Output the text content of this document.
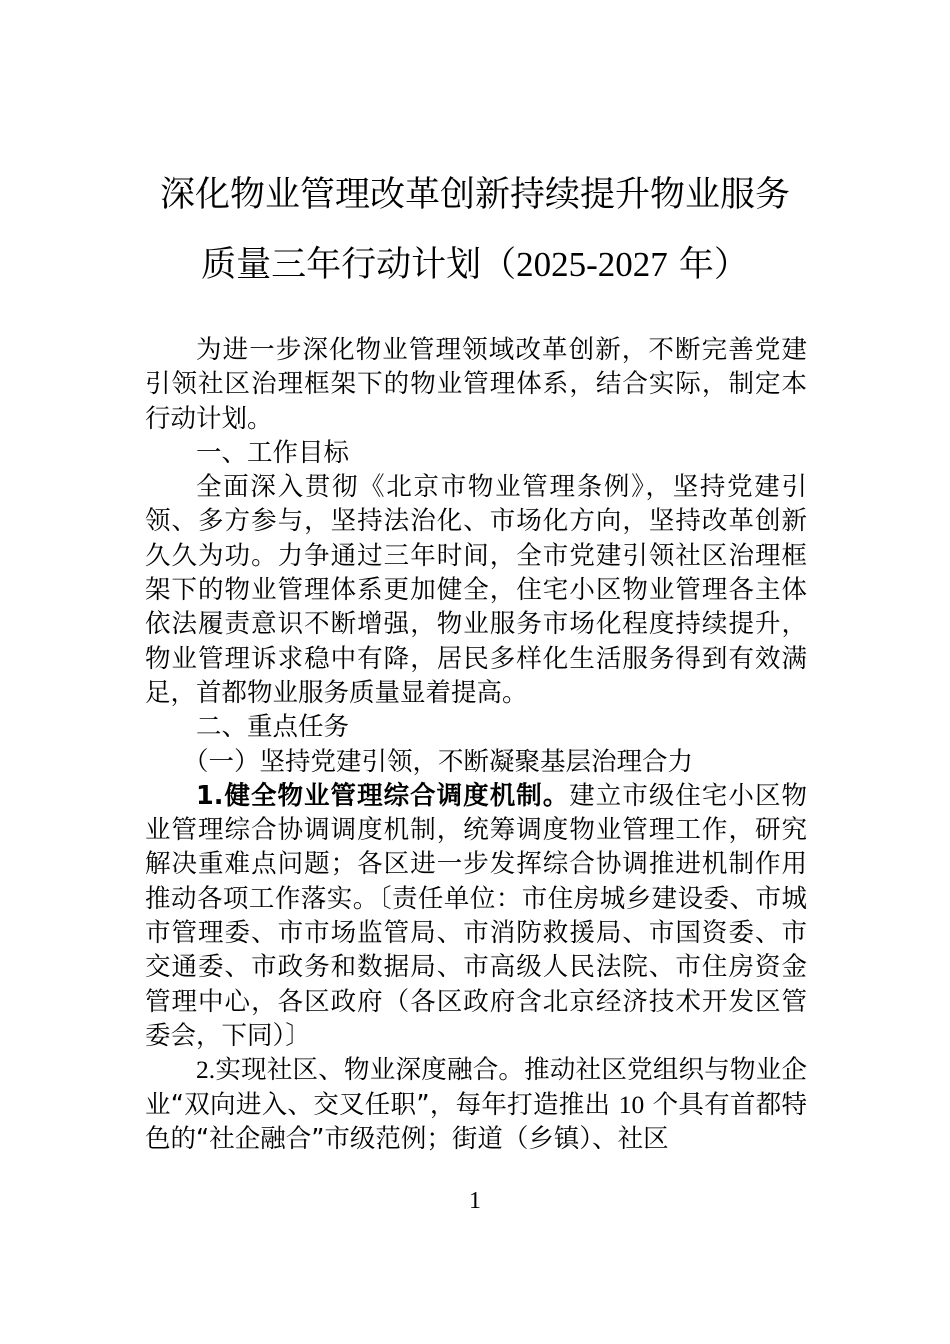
深化物业管理改革创新持续提升物业服务
质量三年行动计划（2025-2027 年）

为进一步深化物业管理领域改革创新，不断完善党建引领社区治理框架下的物业管理体系，结合实际，制定本行动计划。

一、工作目标

全面深入贯彻《北京市物业管理条例》，坚持党建引领、多方参与，坚持法治化、市场化方向，坚持改革创新久久为功。力争通过三年时间，全市党建引领社区治理框架下的物业管理体系更加健全，住宅小区物业管理各主体依法履责意识不断增强，物业服务市场化程度持续提升，物业管理诉求稳中有降，居民多样化生活服务得到有效满足，首都物业服务质量显着提高。

二、重点任务

（一）坚持党建引领，不断凝聚基层治理合力

1.健全物业管理综合调度机制。建立市级住宅小区物业管理综合协调调度机制，统筹调度物业管理工作，研究解决重难点问题；各区进一步发挥综合协调推进机制作用推动各项工作落实。〔责任单位：市住房城乡建设委、市城市管理委、市市场监管局、市消防救援局、市国资委、市交通委、市政务和数据局、市高级人民法院、市住房资金管理中心，各区政府（各区政府含北京经济技术开发区管委会，下同）〕

2.实现社区、物业深度融合。推动社区党组织与物业企业“双向进入、交叉任职”，每年打造推出 10 个具有首都特色的“社企融合”市级范例；街道（乡镇）、社区

1
